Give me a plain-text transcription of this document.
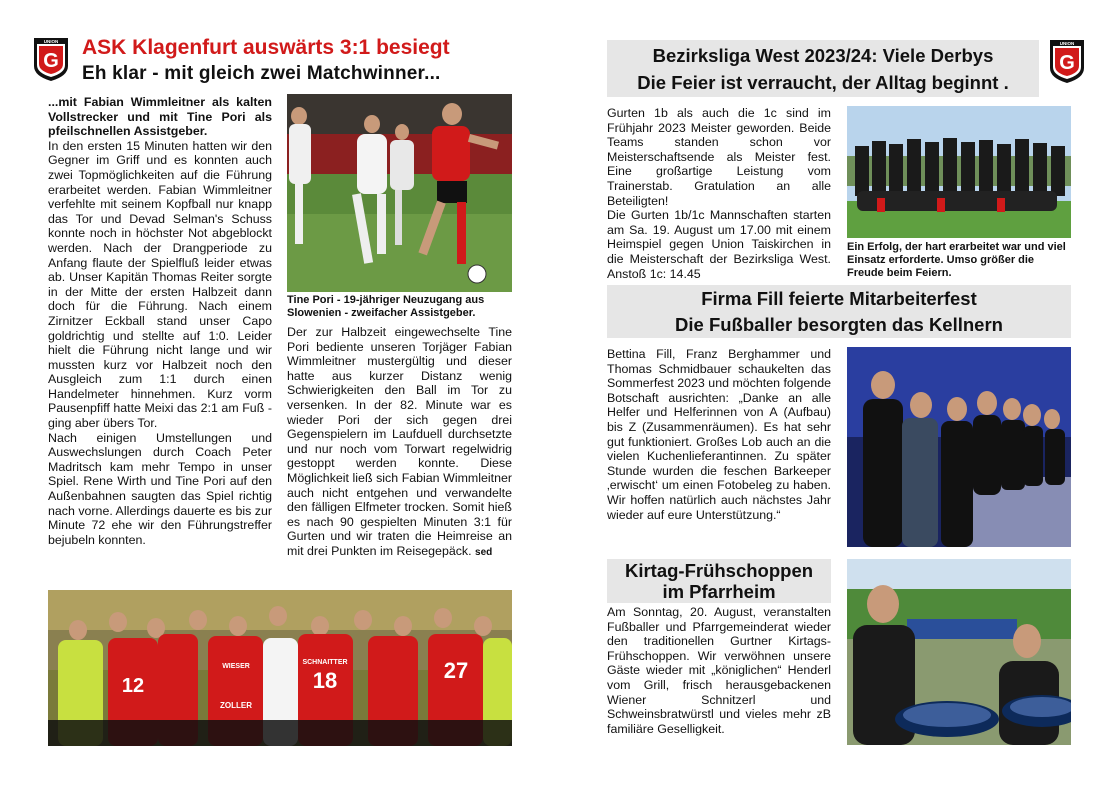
G
UNION ASK Klagenfurt auswärts 3:1 besiegt
Eh klar - mit gleich zwei Matchwinner...

...mit Fabian Wimmleitner als kalten Vollstrecker und mit Tine Pori als pfeilschnellen Assistgeber.

In den ersten 15 Minuten hatten wir den Gegner im Griff und es konnten auch zwei Topmöglichkeiten auf die Führung erarbeitet werden. Fabian Wimmleitner verfehlte mit seinem Kopfball nur knapp das Tor und Devad Selman's Schuss konnte noch in höchster Not abgeblockt werden. Nach der Drangperiode zu Anfang flaute der Spielfluß leider etwas ab. Unser Kapitän Thomas Reiter sorgte in der Mitte der ersten Halbzeit dann doch für die Führung. Nach einem Zirnitzer Eckball stand unser Capo goldrichtig und stellte auf 1:0. Leider hielt die Führung nicht lange und wir mussten kurz vor Halbzeit noch den Ausgleich zum 1:1 durch einen Handelmeter hinnehmen. Kurz vorm Pausenpfiff hatte Meixi das 2:1 am Fuß - ging aber übers Tor.

Nach einigen Umstellungen und Auswechslungen durch Coach Peter Madritsch kam mehr Tempo in unser Spiel. Rene Wirth und Tine Pori auf den Außenbahnen saugten das Spiel richtig nach vorne. Allerdings dauerte es bis zur Minute 72 ehe wir den Führungstreffer bejubeln konnten.

Tine Pori - 19-jähriger Neuzugang aus Slowenien - zweifacher Assistgeber.

Der zur Halbzeit eingewechselte Tine Pori bediente unseren Torjäger Fabian Wimmleitner mustergültig und dieser hatte aus kurzer Distanz wenig Schwierigkeiten den Ball im Tor zu versenken. In der 82. Minute war es wieder Pori der sich gegen drei Gegenspielern im Laufduell durchsetzte und nur noch vom Torwart regelwidrig gestoppt werden konnte. Diese Möglichkeit ließ sich Fabian Wimmleitner auch nicht entgehen und verwandelte den fälligen Elfmeter trocken. Somit hieß es nach 90 gespielten Minuten 3:1 für Gurten und wir traten die Heimreise an mit drei Punkten im Reisegepäck. sed

12	18	27
ZOLLER
SCHNAITTER
WIESER
Bezirksliga West 2023/24: Viele Derbys
Die Feier ist verraucht, der Alltag beginnt .
G
UNION

Gurten 1b als auch die 1c sind im Frühjahr 2023 Meister geworden. Beide Teams standen schon vor Meisterschaftsende als Meister fest. Eine großartige Leistung vom Trainerstab. Gratulation an alle Beteiligten!

Die Gurten 1b/1c Mannschaften starten am Sa. 19. August um 17.00 mit einem Heimspiel gegen Union Taiskirchen in die Meisterschaft der Bezirksliga West. Anstoß 1c: 14.45

Ein Erfolg, der hart erarbeitet war und viel Einsatz erforderte. Umso größer die Freude beim Feiern.
Firma Fill feierte Mitarbeiterfest
Die Fußballer besorgten das Kellnern

Bettina Fill, Franz Berghammer und Thomas Schmidbauer schaukelten das Sommerfest 2023 und möchten folgende Botschaft ausrichten: „Danke an alle Helfer und Helferinnen von A (Aufbau) bis Z (Zusammenräumen). Es hat sehr gut funktioniert. Großes Lob auch an die vielen Kuchenlieferantinnen. Zu später Stunde wurden die feschen Barkeeper ‚erwischt‘ um einen Fotobeleg zu haben. Wir hoffen natürlich auch nächstes Jahr wieder auf eure Unterstützung.“

Kirtag-Frühschoppen
im Pfarrheim

Am Sonntag, 20. August, veranstalten Fußballer und Pfarrgemeinderat wieder den traditionellen Gurtner Kirtags-Frühschoppen. Wir verwöhnen unsere Gäste wieder mit „königlichen“ Henderl vom Grill, frisch herausgebackenen Wiener Schnitzerl und Schweinsbratwürstl und vieles mehr zB familiäre Geselligkeit.
